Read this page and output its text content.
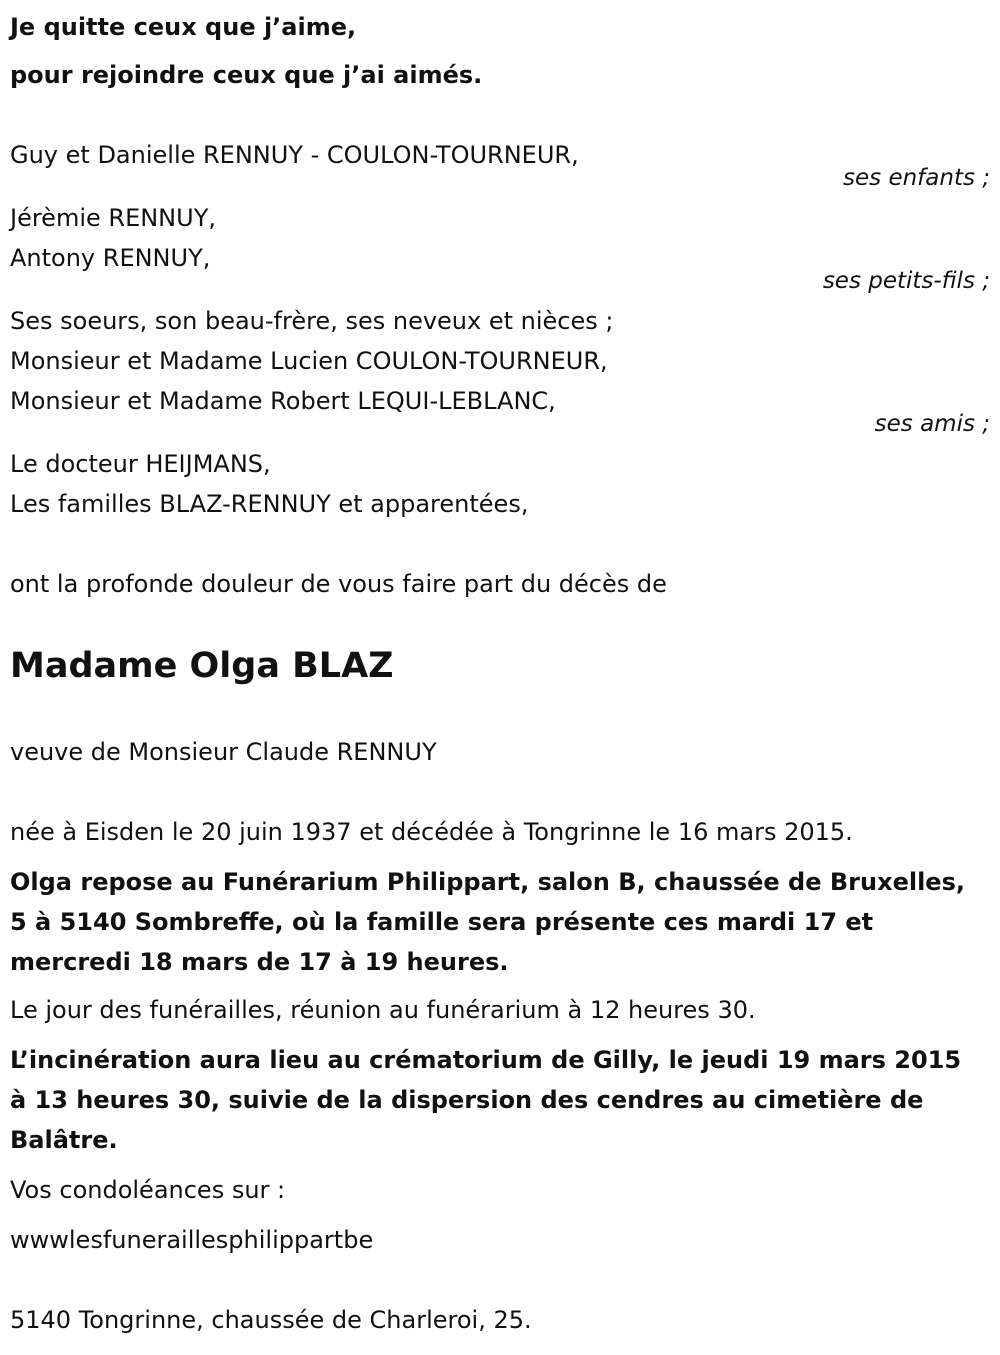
Je quitte ceux que j’aime,
pour rejoindre ceux que j’ai aimés.
Guy et Danielle RENNUY - COULON-TOURNEUR,
ses enfants ;
Jérèmie RENNUY,
Antony RENNUY,
ses petits-fils ;
Ses soeurs, son beau-frère, ses neveux et nièces ;
Monsieur et Madame Lucien COULON-TOURNEUR,
Monsieur et Madame Robert LEQUI-LEBLANC,
ses amis ;
Le docteur HEIJMANS,
Les familles BLAZ-RENNUY et apparentées,
ont la profonde douleur de vous faire part du décès de
Madame Olga BLAZ
veuve de Monsieur Claude RENNUY
née à Eisden le 20 juin 1937 et décédée à Tongrinne le 16 mars 2015.
Olga repose au Funérarium Philippart, salon B, chaussée de Bruxelles, 5 à 5140 Sombreffe, où la famille sera présente ces mardi 17 et mercredi 18 mars de 17 à 19 heures.
Le jour des funérailles, réunion au funérarium à 12 heures 30.
L’incinération aura lieu au crématorium de Gilly, le jeudi 19 mars 2015 à 13 heures 30, suivie de la dispersion des cendres au cimetière de Balâtre.
Vos condoléances sur :
wwwlesfuneraillesphilippartbe
5140 Tongrinne, chaussée de Charleroi, 25.
